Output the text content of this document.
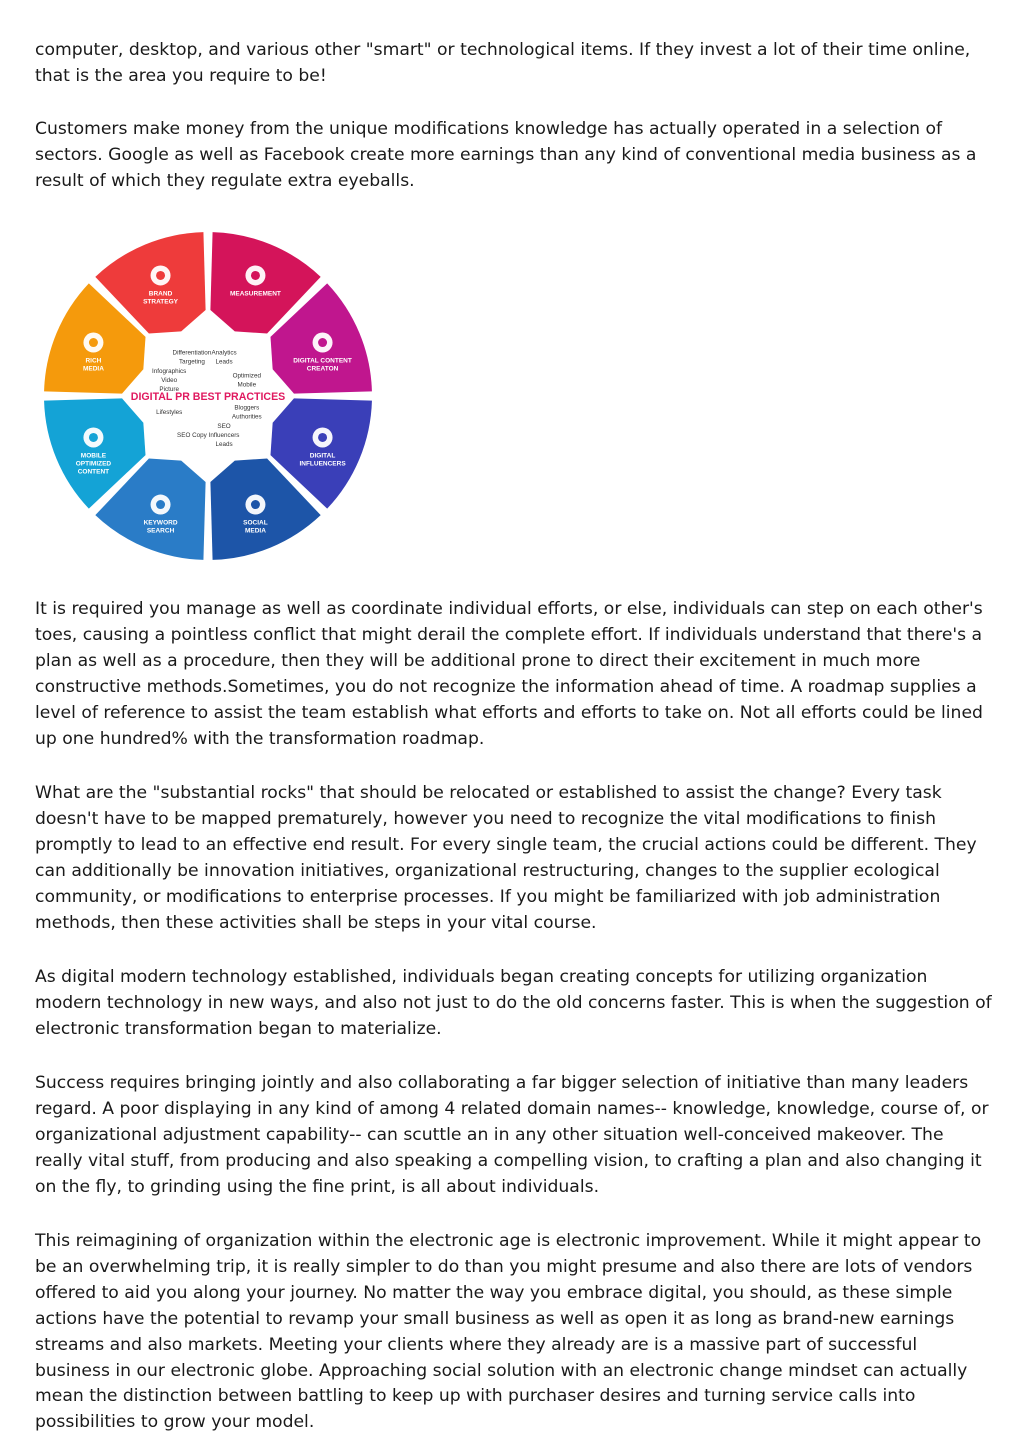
computer, desktop, and various other "smart" or technological items. If they invest a lot of their time online, that is the area you require to be!

Customers make money from the unique modifications knowledge has actually operated in a selection of sectors. Google as well as Facebook create more earnings than any kind of conventional media business as a result of which they regulate extra eyeballs.

MEASUREMENT
DIGITAL CONTENT
CREATON
DIGITAL
INFLUENCERS
SOCIAL
MEDIA
KEYWORD
SEARCH
MOBILE
OPTIMIZED
CONTENT
RICH
MEDIA
BRAND
STRATEGY
Analytics
Leads
Optimized
Mobile
Bloggers
Authorities
SEO
Influencers
Leads
SEO Copy
Lifestyles
Infographics
Video
Picture
Differentiation
Targeting
DIGITAL PR BEST PRACTICES

It is required you manage as well as coordinate individual efforts, or else, individuals can step on each other's toes, causing a pointless conflict that might derail the complete effort. If individuals understand that there's a plan as well as a procedure, then they will be additional prone to direct their excitement in much more constructive methods.Sometimes, you do not recognize the information ahead of time. A roadmap supplies a level of reference to assist the team establish what efforts and efforts to take on. Not all efforts could be lined up one hundred% with the transformation roadmap.

What are the "substantial rocks" that should be relocated or established to assist the change? Every task doesn't have to be mapped prematurely, however you need to recognize the vital modifications to finish promptly to lead to an effective end result. For every single team, the crucial actions could be different. They can additionally be innovation initiatives, organizational restructuring, changes to the supplier ecological community, or modifications to enterprise processes. If you might be familiarized with job administration methods, then these activities shall be steps in your vital course.

As digital modern technology established, individuals began creating concepts for utilizing organization modern technology in new ways, and also not just to do the old concerns faster. This is when the suggestion of electronic transformation began to materialize.

Success requires bringing jointly and also collaborating a far bigger selection of initiative than many leaders regard. A poor displaying in any kind of among 4 related domain names-- knowledge, knowledge, course of, or organizational adjustment capability-- can scuttle an in any other situation well-conceived makeover. The really vital stuff, from producing and also speaking a compelling vision, to crafting a plan and also changing it on the fly, to grinding using the fine print, is all about individuals.

This reimagining of organization within the electronic age is electronic improvement. While it might appear to be an overwhelming trip, it is really simpler to do than you might presume and also there are lots of vendors offered to aid you along your journey. No matter the way you embrace digital, you should, as these simple actions have the potential to revamp your small business as well as open it as long as brand-new earnings streams and also markets. Meeting your clients where they already are is a massive part of successful business in our electronic globe. Approaching social solution with an electronic change mindset can actually mean the distinction between battling to keep up with purchaser desires and turning service calls into possibilities to grow your model.
